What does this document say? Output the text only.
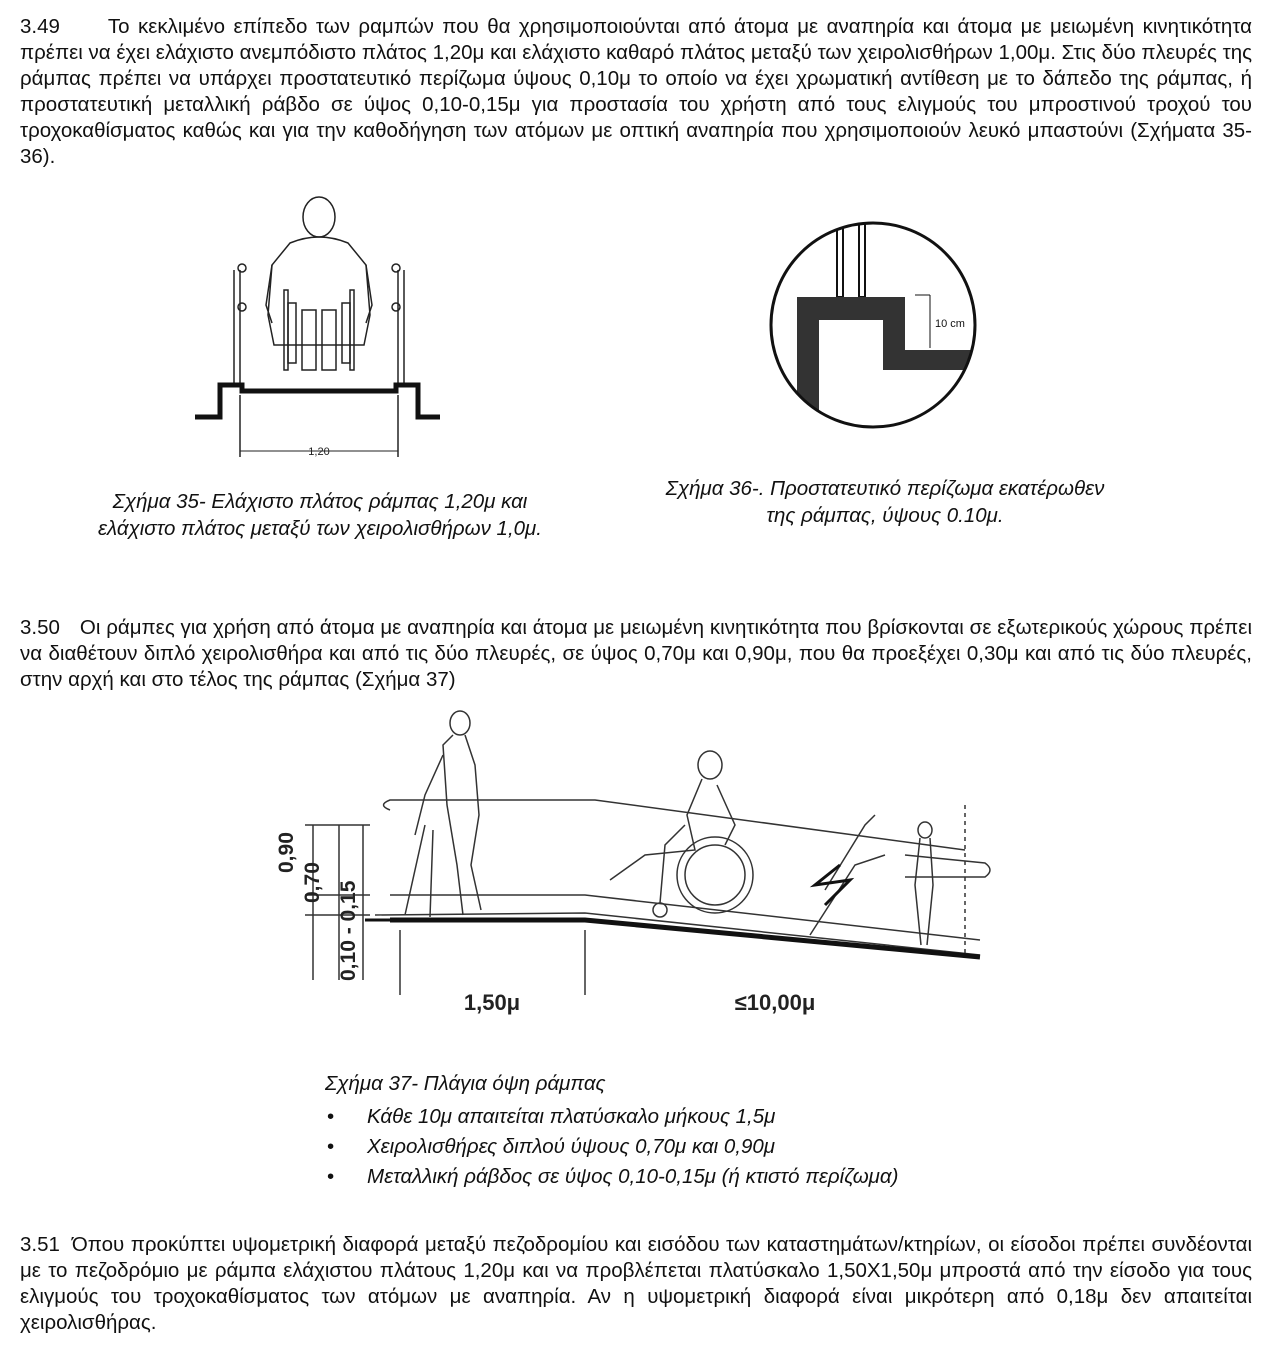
3.49 Το κεκλιμένο επίπεδο των ραμπών που θα χρησιμοποιούνται από άτομα με αναπηρία και άτομα με μειωμένη κινητικότητα πρέπει να έχει ελάχιστο ανεμπόδιστο πλάτος 1,20μ και ελάχιστο καθαρό πλάτος μεταξύ των χειρολισθήρων 1,00μ. Στις δύο πλευρές της ράμπας πρέπει να υπάρχει προστατευτικό περίζωμα ύψους 0,10μ το οποίο να έχει χρωματική αντίθεση με το δάπεδο της ράμπας, ή προστατευτική μεταλλική ράβδο σε ύψος 0,10-0,15μ για προστασία του χρήστη από τους ελιγμούς του μπροστινού τροχού του τροχοκαθίσματος καθώς και για την καθοδήγηση των ατόμων με οπτική αναπηρία που χρησιμοποιούν λευκό μπαστούνι (Σχήματα 35-36).
1,20
Σχήμα 35- Ελάχιστο πλάτος ράμπας 1,20μ και
ελάχιστο πλάτος μεταξύ των χειρολισθήρων 1,0μ.
10 cm
Σχήμα 36-. Προστατευτικό περίζωμα εκατέρωθεν
της ράμπας, ύψους 0.10μ.
3.50 Οι ράμπες για χρήση από άτομα με αναπηρία και άτομα με μειωμένη κινητικότητα που βρίσκονται σε εξωτερικούς χώρους πρέπει να διαθέτουν διπλό χειρολισθήρα και από τις δύο πλευρές, σε ύψος 0,70μ και 0,90μ, που θα προεξέχει 0,30μ και από τις δύο πλευρές, στην αρχή και στο τέλος της ράμπας (Σχήμα 37)
0,90
0,70 0,10 - 0,15
1,50μ	≤10,00μ
Σχήμα 37- Πλάγια όψη ράμπας
• Κάθε 10μ απαιτείται πλατύσκαλο μήκους 1,5μ
• Χειρολισθήρες διπλού ύψους 0,70μ και 0,90μ
• Μεταλλική ράβδος σε ύψος 0,10-0,15μ (ή κτιστό περίζωμα)
3.51 Όπου προκύπτει υψομετρική διαφορά μεταξύ πεζοδρομίου και εισόδου των καταστημάτων/κτηρίων, οι είσοδοι πρέπει συνδέονται με το πεζοδρόμιο με ράμπα ελάχιστου πλάτους 1,20μ και να προβλέπεται πλατύσκαλο 1,50Χ1,50μ μπροστά από την είσοδο για τους ελιγμούς του τροχοκαθίσματος των ατόμων με αναπηρία. Αν η υψομετρική διαφορά είναι μικρότερη από 0,18μ δεν απαιτείται χειρολισθήρας.
